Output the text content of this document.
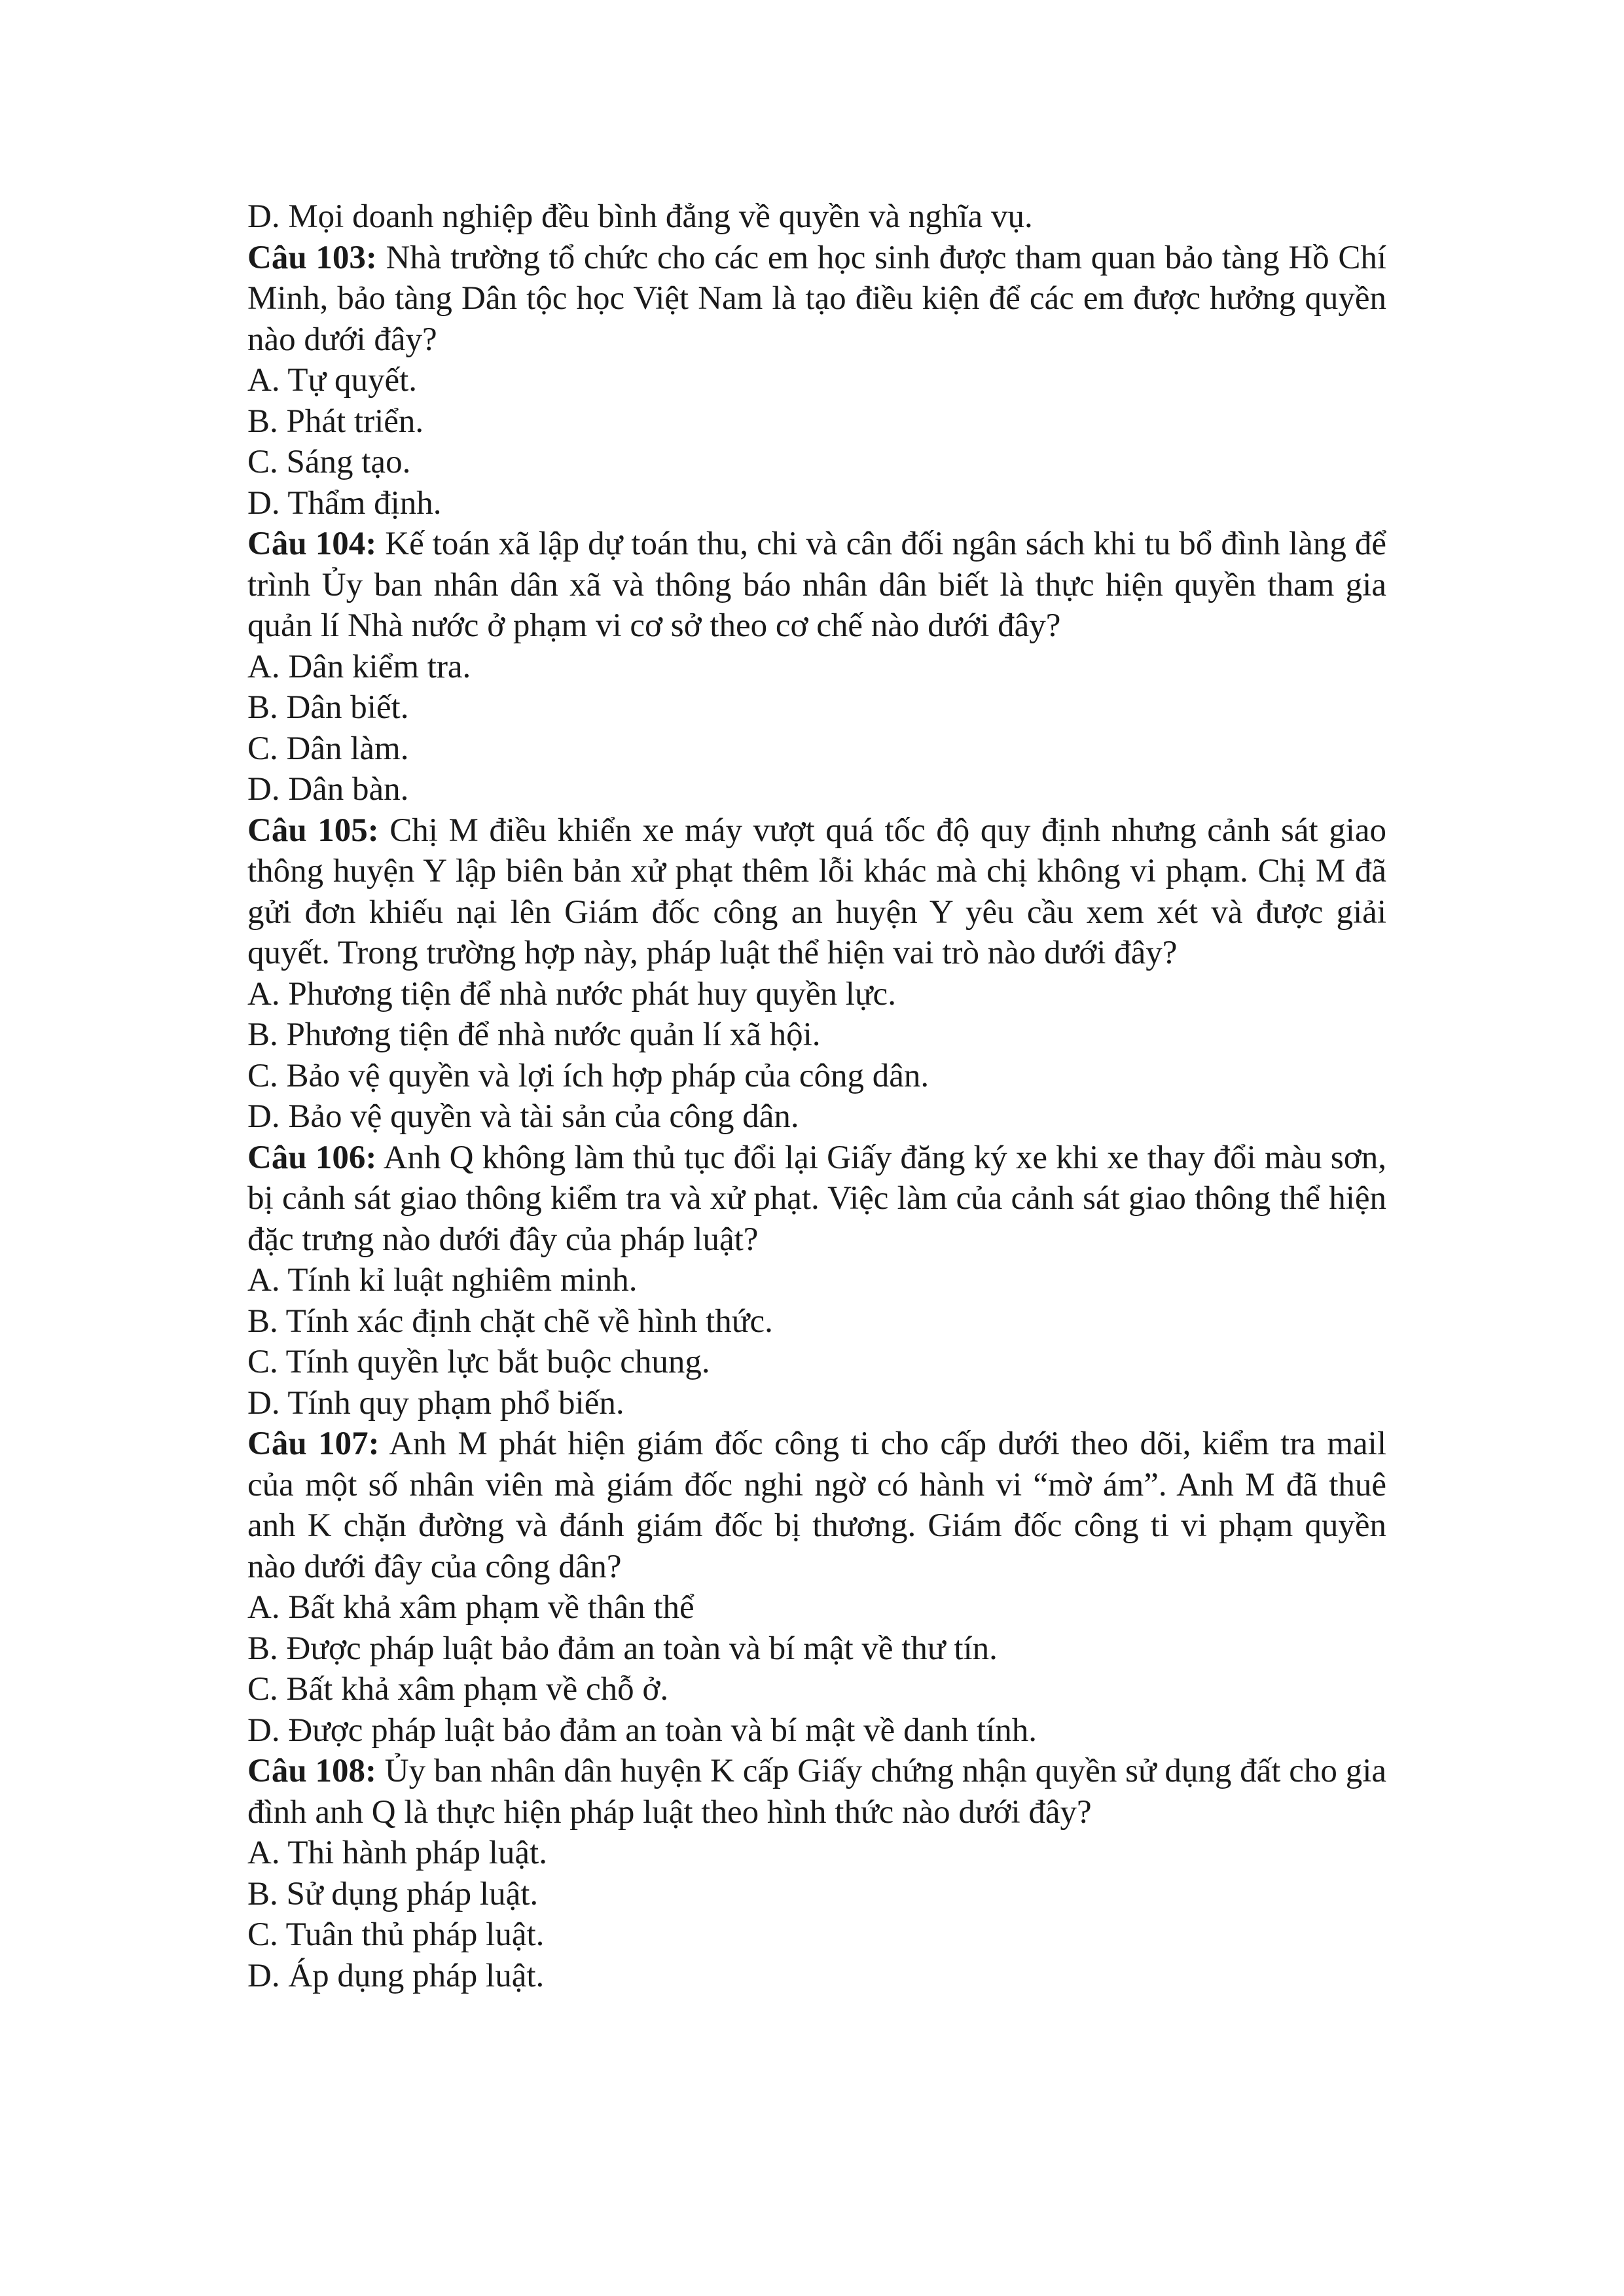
D. Mọi doanh nghiệp đều bình đẳng về quyền và nghĩa vụ.
Câu 103: Nhà trường tổ chức cho các em học sinh được tham quan bảo tàng Hồ Chí Minh, bảo tàng Dân tộc học Việt Nam là tạo điều kiện để các em được hưởng quyền nào dưới đây?
A. Tự quyết.
B. Phát triển.
C. Sáng tạo.
D. Thẩm định.
Câu 104: Kế toán xã lập dự toán thu, chi và cân đối ngân sách khi tu bổ đình làng để trình Ủy ban nhân dân xã và thông báo nhân dân biết là thực hiện quyền tham gia quản lí Nhà nước ở phạm vi cơ sở theo cơ chế nào dưới đây?
A. Dân kiểm tra.
B. Dân biết.
C. Dân làm.
D. Dân bàn.
Câu 105: Chị M điều khiển xe máy vượt quá tốc độ quy định nhưng cảnh sát giao thông huyện Y lập biên bản xử phạt thêm lỗi khác mà chị không vi phạm. Chị M đã gửi đơn khiếu nại lên Giám đốc công an huyện Y yêu cầu xem xét và được giải quyết. Trong trường hợp này, pháp luật thể hiện vai trò nào dưới đây?
A. Phương tiện để nhà nước phát huy quyền lực.
B. Phương tiện để nhà nước quản lí xã hội.
C. Bảo vệ quyền và lợi ích hợp pháp của công dân.
D. Bảo vệ quyền và tài sản của công dân.
Câu 106: Anh Q không làm thủ tục đổi lại Giấy đăng ký xe khi xe thay đổi màu sơn, bị cảnh sát giao thông kiểm tra và xử phạt. Việc làm của cảnh sát giao thông thể hiện đặc trưng nào dưới đây của pháp luật?
A. Tính kỉ luật nghiêm minh.
B. Tính xác định chặt chẽ về hình thức.
C. Tính quyền lực bắt buộc chung.
D. Tính quy phạm phổ biến.
Câu 107: Anh M phát hiện giám đốc công ti cho cấp dưới theo dõi, kiểm tra mail của một số nhân viên mà giám đốc nghi ngờ có hành vi “mờ ám”. Anh M đã thuê anh K chặn đường và đánh giám đốc bị thương. Giám đốc công ti vi phạm quyền nào dưới đây của công dân?
A. Bất khả xâm phạm về thân thể
B. Được pháp luật bảo đảm an toàn và bí mật về thư tín.
C. Bất khả xâm phạm về chỗ ở.
D. Được pháp luật bảo đảm an toàn và bí mật về danh tính.
Câu 108: Ủy ban nhân dân huyện K cấp Giấy chứng nhận quyền sử dụng đất cho gia đình anh Q là thực hiện pháp luật theo hình thức nào dưới đây?
A. Thi hành pháp luật.
B. Sử dụng pháp luật.
C. Tuân thủ pháp luật.
D. Áp dụng pháp luật.
